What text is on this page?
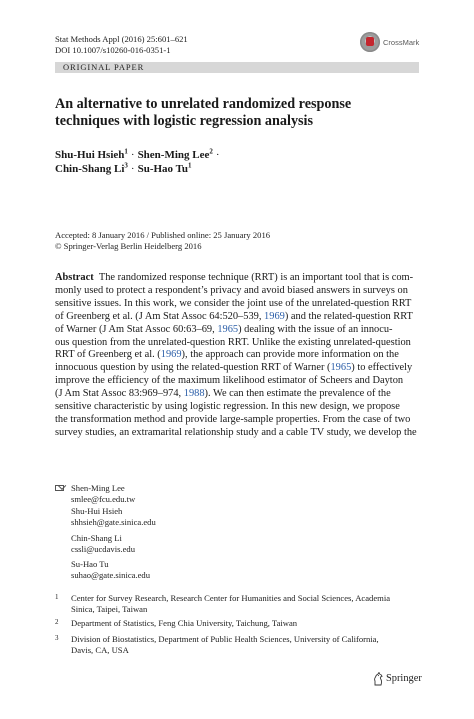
Stat Methods Appl (2016) 25:601–621
DOI 10.1007/s10260-016-0351-1
CrossMark
ORIGINAL PAPER
An alternative to unrelated randomized response
techniques with logistic regression analysis
Shu-Hui Hsieh$^1$ · Shen-Ming Lee$^2$ ·
Chin-Shang $Li^3 \cdot Su-Hao$ Tu$^1$
Accepted: 8 January 2016 / Published online: 25 January 2016
© Springer-Verlag Berlin Heidelberg 2016
Abstract The randomized response technique (RRT) is an important tool that is com-
monly used to protect a respondent’s privacy and avoid biased answers in surveys on
sensitive issues. In this work, we consider the joint use of the unrelated-question RRT
of Greenberg et al. (J Am Stat Assoc 64:520–539, 1969) and the related-question RRT
of Warner (J Am Stat Assoc 60:63–69, 1965) dealing with the issue of an innocu-
ous question from the unrelated-question RRT. Unlike the existing unrelated-question
RRT of Greenberg et al. (1969), the approach can provide more information on the
innocuous question by using the related-question RRT of Warner (1965) to effectively
improve the efficiency of the maximum likelihood estimator of Scheers and Dayton
(J Am Stat Assoc 83:969–974, 1988). We can then estimate the prevalence of the
sensitive characteristic by using logistic regression. In this new design, we propose
the transformation method and provide large-sample properties. From the case of two
survey studies, an extramarital relationship study and a cable TV study, we develop the
Shen-Ming Lee
smlee@fcu.edu.tw
Shu-Hui Hsieh
shhsieh@gate.sinica.edu
Chin-Shang Li
cssli@ucdavis.edu
Su-Hao Tu
suhao@gate.sinica.edu
1 Center for Survey Research, Research Center for Humanities and Social Sciences, Academia
Sinica, Taipei, Taiwan
2 Department of Statistics, Feng Chia University, Taichung, Taiwan
3 Division of Biostatistics, Department of Public Health Sciences, University of California,
Davis, CA, USA
Springer
